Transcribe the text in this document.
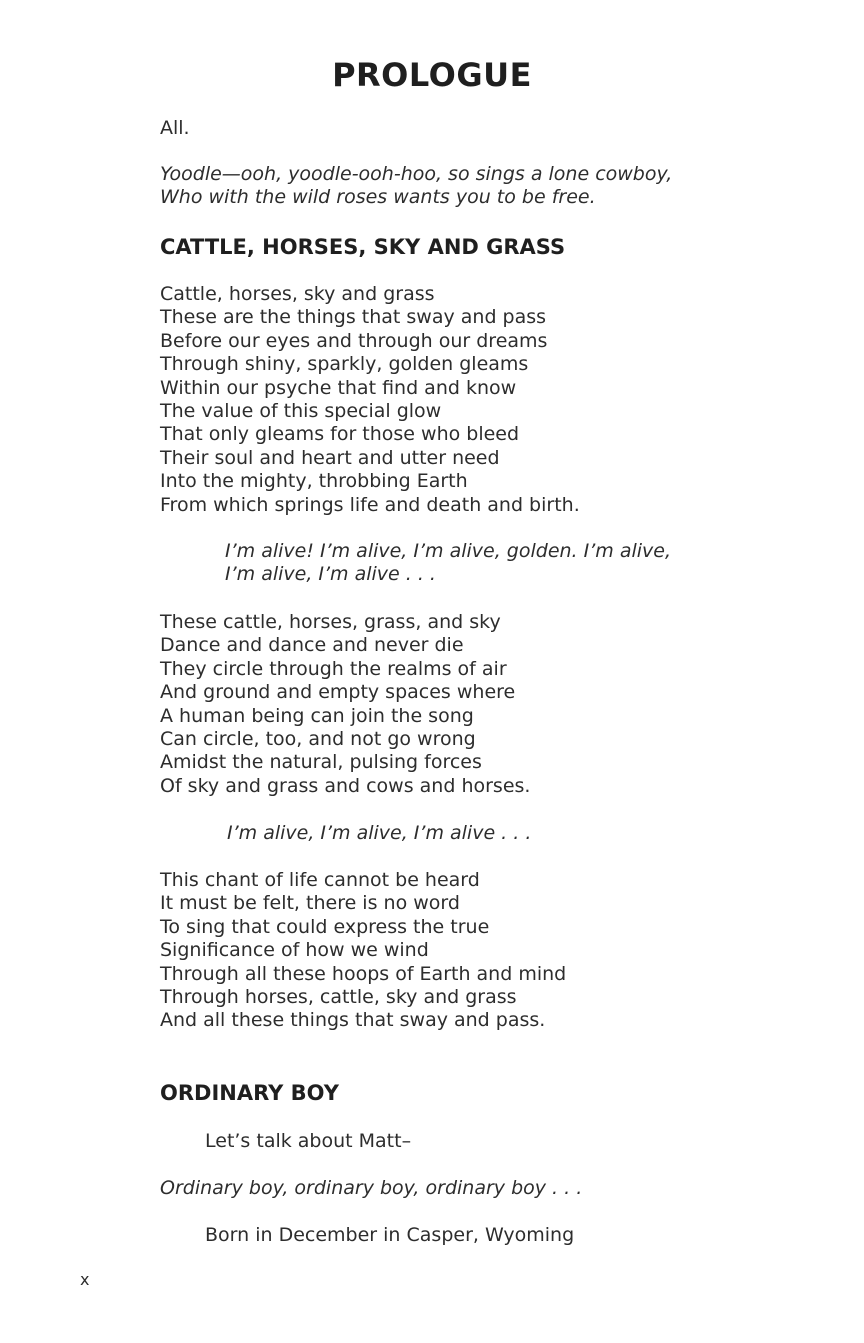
PROLOGUE
All.
Yoodle—ooh, yoodle-ooh-hoo, so sings a lone cowboy,
Who with the wild roses wants you to be free.
CATTLE, HORSES, SKY AND GRASS
Cattle, horses, sky and grass
These are the things that sway and pass
Before our eyes and through our dreams
Through shiny, sparkly, golden gleams
Within our psyche that find and know
The value of this special glow
That only gleams for those who bleed
Their soul and heart and utter need
Into the mighty, throbbing Earth
From which springs life and death and birth.
I’m alive! I’m alive, I’m alive, golden. I’m alive,
I’m alive, I’m alive . . .
These cattle, horses, grass, and sky
Dance and dance and never die
They circle through the realms of air
And ground and empty spaces where
A human being can join the song
Can circle, too, and not go wrong
Amidst the natural, pulsing forces
Of sky and grass and cows and horses.
I’m alive, I’m alive, I’m alive . . .
This chant of life cannot be heard
It must be felt, there is no word
To sing that could express the true
Significance of how we wind
Through all these hoops of Earth and mind
Through horses, cattle, sky and grass
And all these things that sway and pass.
ORDINARY BOY
Let’s talk about Matt–
Ordinary boy, ordinary boy, ordinary boy . . .
Born in December in Casper, Wyoming
x
